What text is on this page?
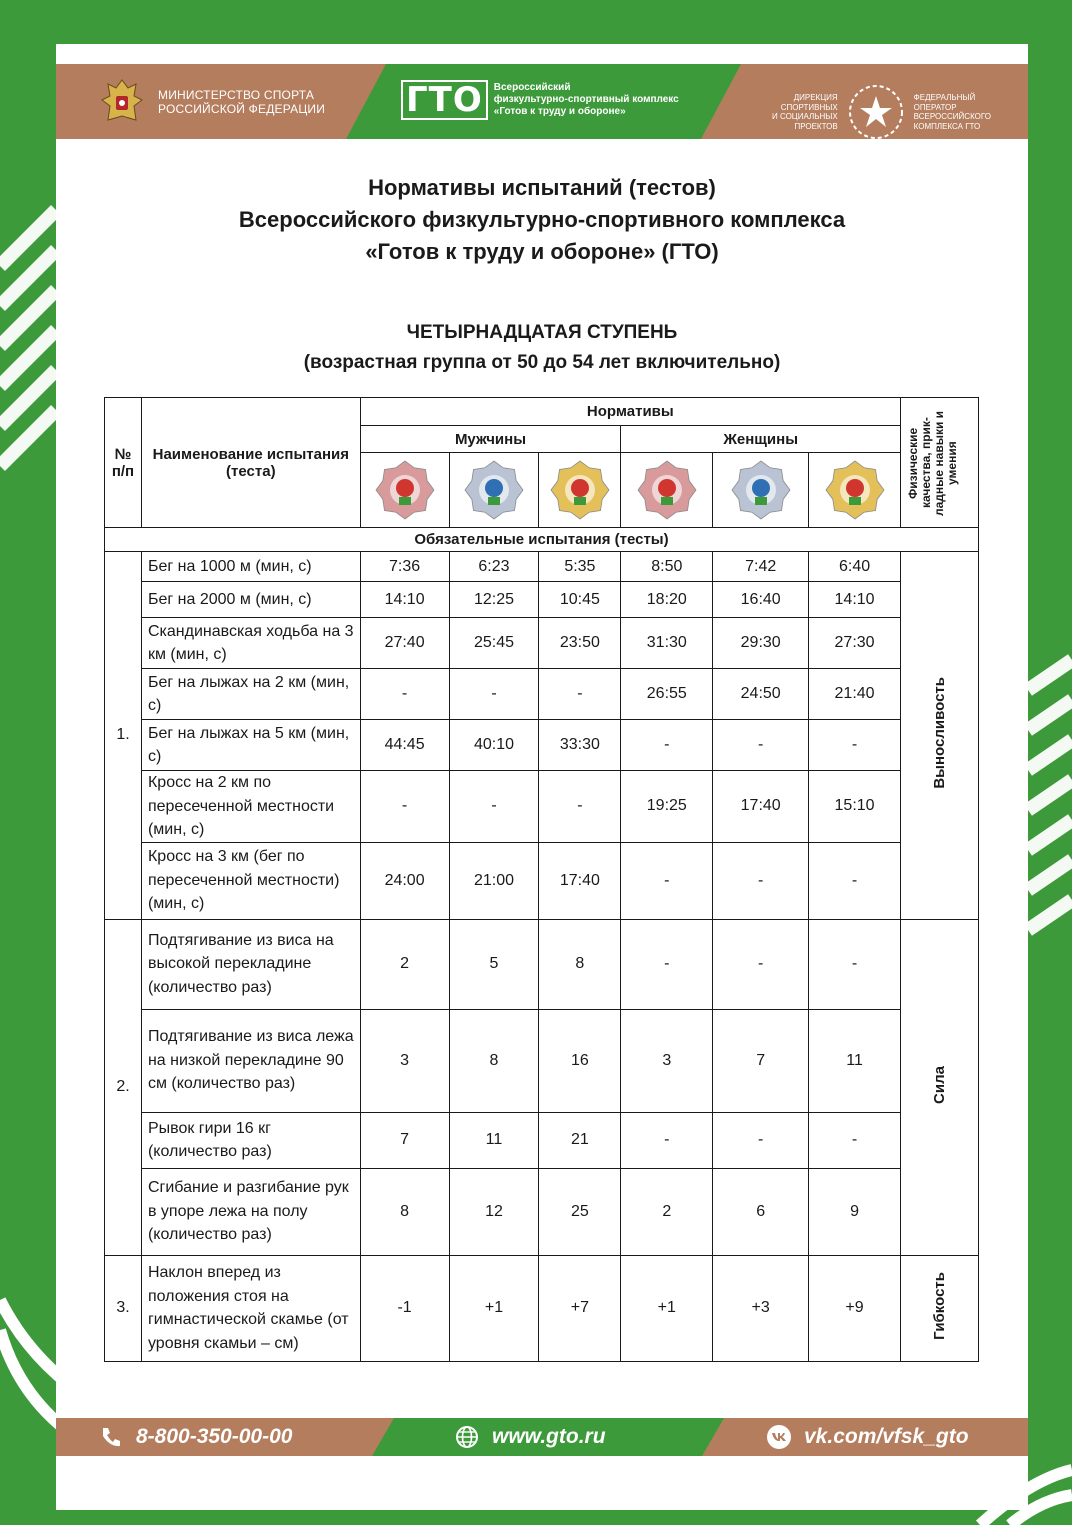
МИНИСТЕРСТВО СПОРТА
РОССИЙСКОЙ ФЕДЕРАЦИИ ГТО	Всероссийский
физкультурно-спортивный комплекс
«Готов к труду и обороне»
ДИРЕКЦИЯ
СПОРТИВНЫХ
И СОЦИАЛЬНЫХ
ПРОЕКТОВ
ФЕДЕРАЛЬНЫЙ
ОПЕРАТОР
ВСЕРОССИЙСКОГО
КОМПЛЕКСА ГТО
Нормативы испытаний (тестов)
Всероссийского физкультурно-спортивного комплекса
«Готов к труду и обороне» (ГТО)
ЧЕТЫРНАДЦАТАЯ СТУПЕНЬ
(возрастная группа от 50 до 54 лет включительно)
№ п/п	Наименование испытания (теста)	Нормативы						Физические качества, прик- ладные навыки и умения

		Мужчины			Женщины			

Обязательные испытания (тесты)								
1.	Бег на 1000 м (мин, с)	7:36	6:23	5:35	8:50	7:42	6:40	Выносливость
	Бег на 2000 м (мин, с)	14:10	12:25	10:45	18:20	16:40	14:10	
	Скандинавская ходьба на 3 км (мин, с)	27:40	25:45	23:50	31:30	29:30	27:30	
	Бег на лыжах на 2 км (мин, с)	-	-	-	26:55	24:50	21:40	
	Бег на лыжах на 5 км (мин, с)	44:45	40:10	33:30	-	-	-	
	Кросс на 2 км по пересеченной местности (мин, с)	-	-	-	19:25	17:40	15:10	
	Кросс на 3 км (бег по пересеченной местности) (мин, с)	24:00	21:00	17:40	-	-	-	
2.	Подтягивание из виса на высокой перекладине (количество раз)	2	5	8	-	-	-	Сила
	Подтягивание из виса лежа на низкой перекладине 90 см (количество раз)	3	8	16	3	7	11	
	Рывок гири 16 кг (количество раз)	7	11	21	-	-	-	
	Сгибание и разгибание рук в упоре лежа на полу (количество раз)	8	12	25	2	6	9	
3.	Наклон вперед из положения стоя на гимнастической скамье (от уровня скамьи – см)	-1	+1	+7	+1	+3	+9	Гибкость
8-800-350-00-00	www.gto.ru	vk.com/vfsk_gto
